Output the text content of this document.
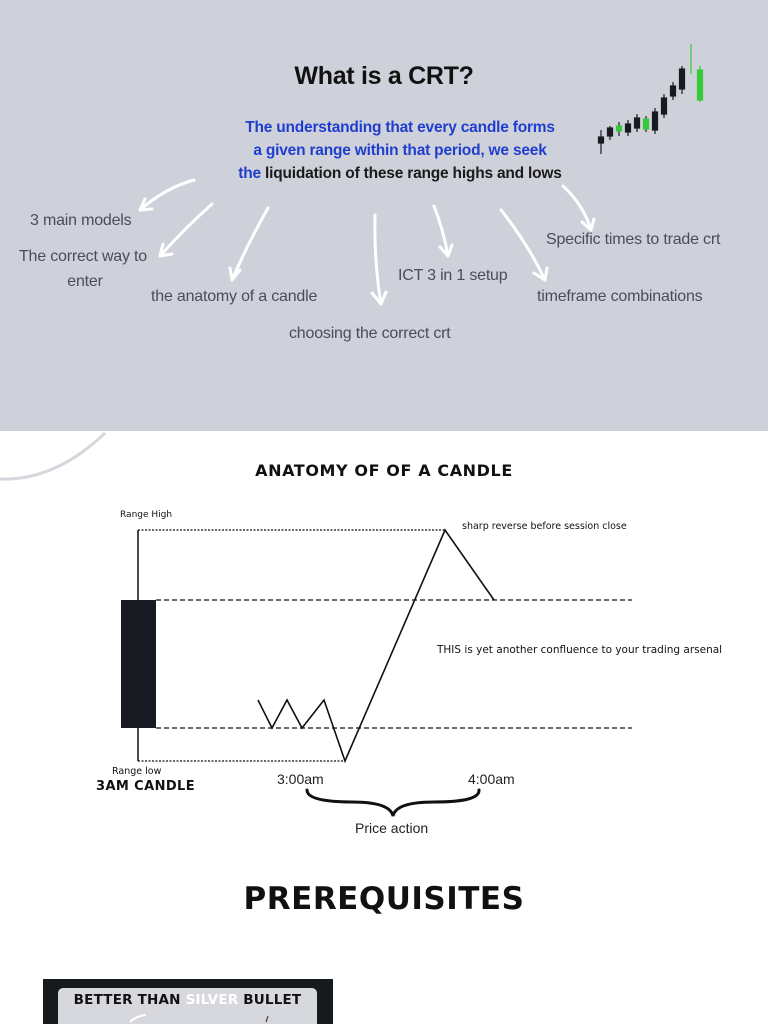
What is a CRT?
The understanding that every candle forms
a given range within that period, we seek
the liquidation of these range highs and lows
3 main models
The correct way to
enter
the anatomy of a candle
choosing the correct crt
ICT 3 in 1 setup
timeframe combinations
Specific times to trade crt
ANATOMY OF OF A CANDLE
Range High
sharp reverse before session close
THIS is yet another confluence to your trading arsenal
Range low
3AM CANDLE	3:00am	4:00am
Price action
PREREQUISITES
BETTER THAN SILVER BULLET
